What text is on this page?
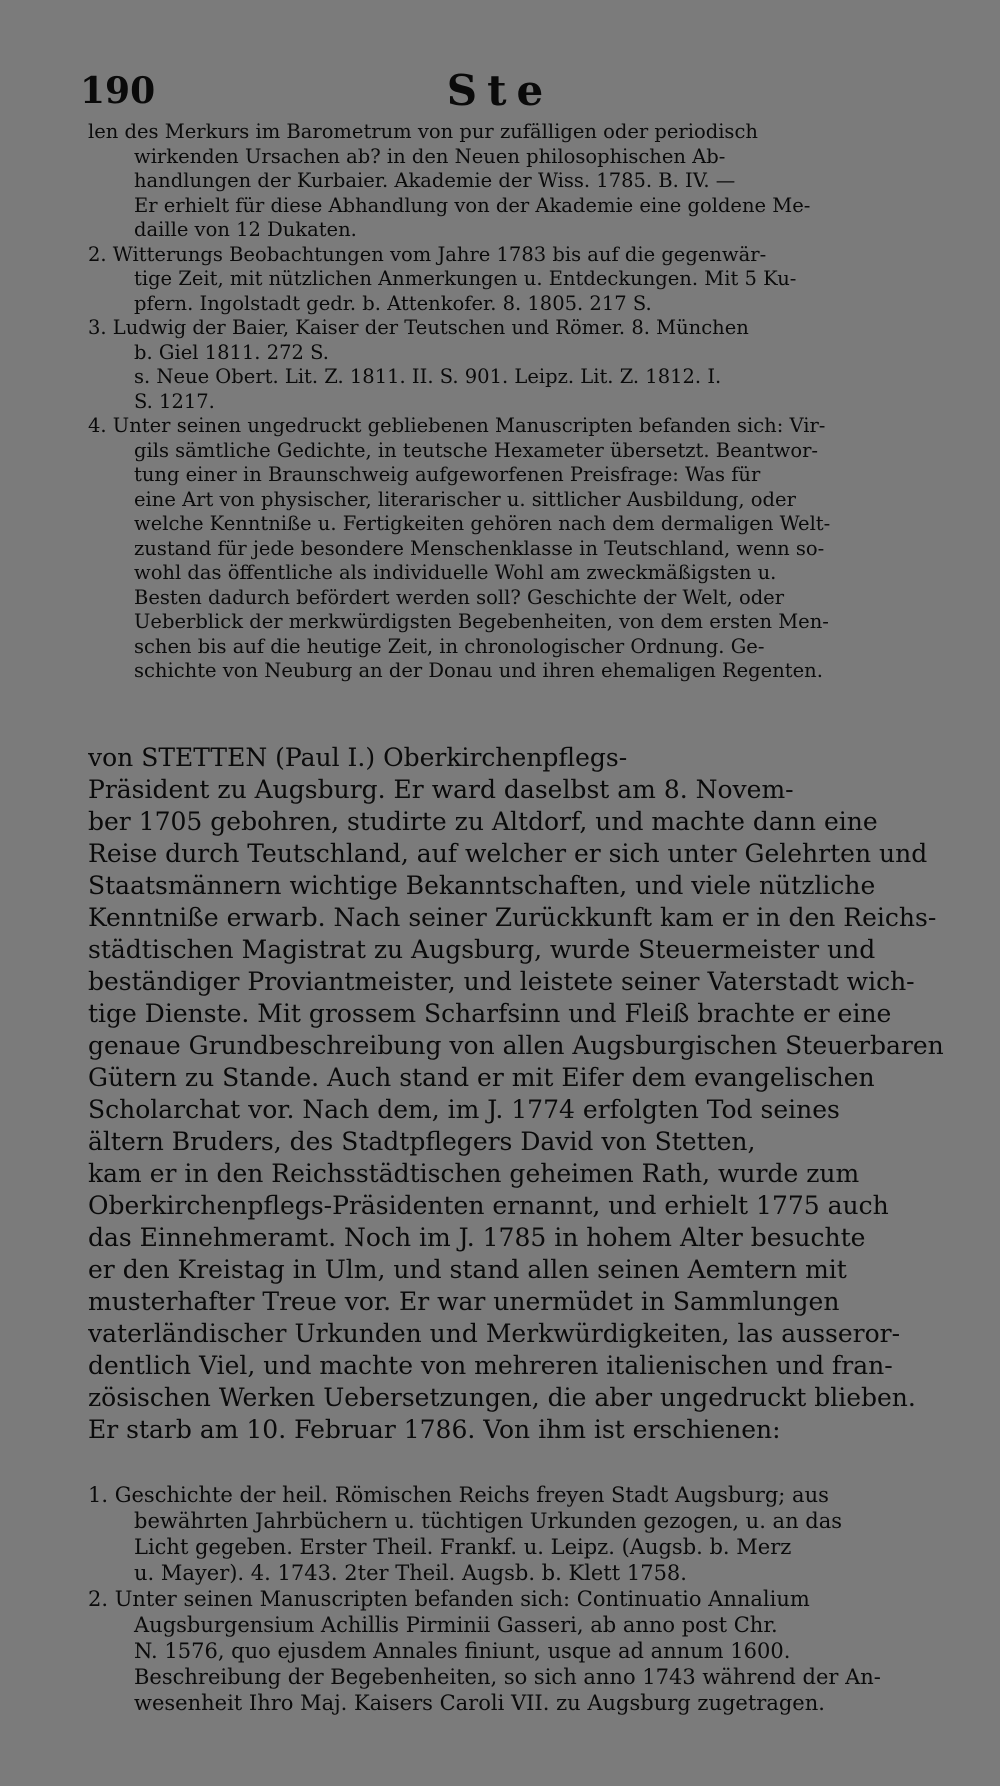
190	Ste
len des Merkurs im Barometrum von pur zufälligen oder periodisch
wirkenden Ursachen ab? in den Neuen philosophischen Ab-
handlungen der Kurbaier. Akademie der Wiss. 1785. B. IV. —
Er erhielt für diese Abhandlung von der Akademie eine goldene Me-
daille von 12 Dukaten.
2. Witterungs Beobachtungen vom Jahre 1783 bis auf die gegenwär-
tige Zeit, mit nützlichen Anmerkungen u. Entdeckungen. Mit 5 Ku-
pfern. Ingolstadt gedr. b. Attenkofer. 8. 1805. 217 S.
3. Ludwig der Baier, Kaiser der Teutschen und Römer. 8. München
b. Giel 1811. 272 S.
s. Neue Obert. Lit. Z. 1811. II. S. 901. Leipz. Lit. Z. 1812. I.
S. 1217.
4. Unter seinen ungedruckt gebliebenen Manuscripten befanden sich: Vir-
gils sämtliche Gedichte, in teutsche Hexameter übersetzt. Beantwor-
tung einer in Braunschweig aufgeworfenen Preisfrage: Was für
eine Art von physischer, literarischer u. sittlicher Ausbildung, oder
welche Kenntniße u. Fertigkeiten gehören nach dem dermaligen Welt-
zustand für jede besondere Menschenklasse in Teutschland, wenn so-
wohl das öffentliche als individuelle Wohl am zweckmäßigsten u.
Besten dadurch befördert werden soll? Geschichte der Welt, oder
Ueberblick der merkwürdigsten Begebenheiten, von dem ersten Men-
schen bis auf die heutige Zeit, in chronologischer Ordnung. Ge-
schichte von Neuburg an der Donau und ihren ehemaligen Regenten.
von STETTEN (Paul I.) Oberkirchenpflegs-
Präsident zu Augsburg. Er ward daselbst am 8. Novem-
ber 1705 gebohren, studirte zu Altdorf, und machte dann eine
Reise durch Teutschland, auf welcher er sich unter Gelehrten und
Staatsmännern wichtige Bekanntschaften, und viele nützliche
Kenntniße erwarb. Nach seiner Zurückkunft kam er in den Reichs-
städtischen Magistrat zu Augsburg, wurde Steuermeister und
beständiger Proviantmeister, und leistete seiner Vaterstadt wich-
tige Dienste. Mit grossem Scharfsinn und Fleiß brachte er eine
genaue Grundbeschreibung von allen Augsburgischen Steuerbaren
Gütern zu Stande. Auch stand er mit Eifer dem evangelischen
Scholarchat vor. Nach dem, im J. 1774 erfolgten Tod seines
ältern Bruders, des Stadtpflegers David von Stetten,
kam er in den Reichsstädtischen geheimen Rath, wurde zum
Oberkirchenpflegs-Präsidenten ernannt, und erhielt 1775 auch
das Einnehmeramt. Noch im J. 1785 in hohem Alter besuchte
er den Kreistag in Ulm, und stand allen seinen Aemtern mit
musterhafter Treue vor. Er war unermüdet in Sammlungen
vaterländischer Urkunden und Merkwürdigkeiten, las ausseror-
dentlich Viel, und machte von mehreren italienischen und fran-
zösischen Werken Uebersetzungen, die aber ungedruckt blieben.
Er starb am 10. Februar 1786. Von ihm ist erschienen:
1. Geschichte der heil. Römischen Reichs freyen Stadt Augsburg; aus
bewährten Jahrbüchern u. tüchtigen Urkunden gezogen, u. an das
Licht gegeben. Erster Theil. Frankf. u. Leipz. (Augsb. b. Merz
u. Mayer). 4. 1743. 2ter Theil. Augsb. b. Klett 1758.
2. Unter seinen Manuscripten befanden sich: Continuatio Annalium
Augsburgensium Achillis Pirminii Gasseri, ab anno post Chr.
N. 1576, quo ejusdem Annales finiunt, usque ad annum 1600.
Beschreibung der Begebenheiten, so sich anno 1743 während der An-
wesenheit Ihro Maj. Kaisers Caroli VII. zu Augsburg zugetragen.
